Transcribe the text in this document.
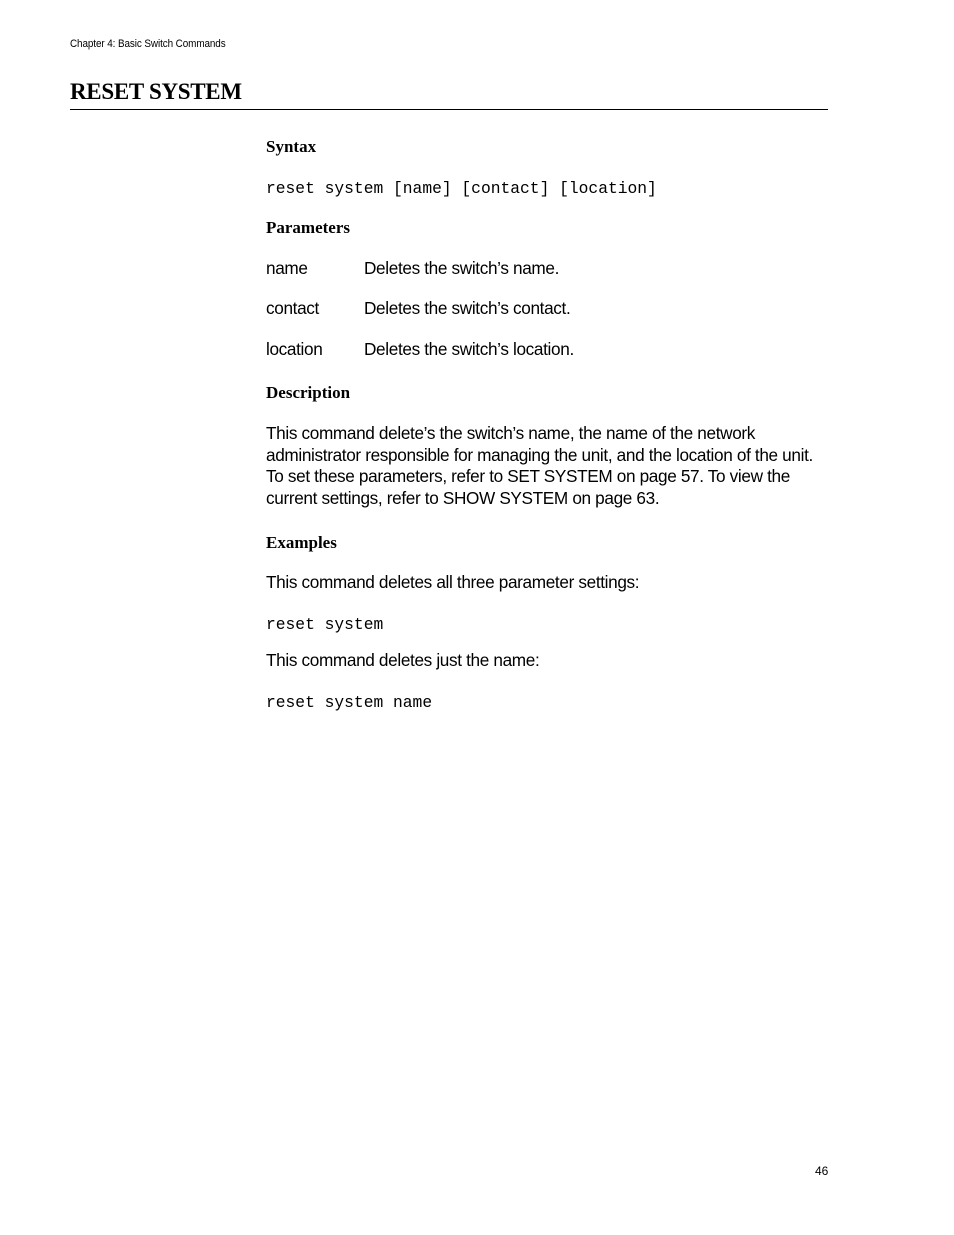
Chapter 4: Basic Switch Commands
RESET SYSTEM
Syntax
reset system [name] [contact] [location]
Parameters
name	Deletes the switch’s name.
contact	Deletes the switch’s contact.
location Deletes the switch’s location.
Description

This command delete’s the switch’s name, the name of the network administrator responsible for managing the unit, and the location of the unit. To set these parameters, refer to SET SYSTEM on page 57. To view the current settings, refer to SHOW SYSTEM on page 63.

Examples

This command deletes all three parameter settings:

reset system

This command deletes just the name:

reset system name
46
